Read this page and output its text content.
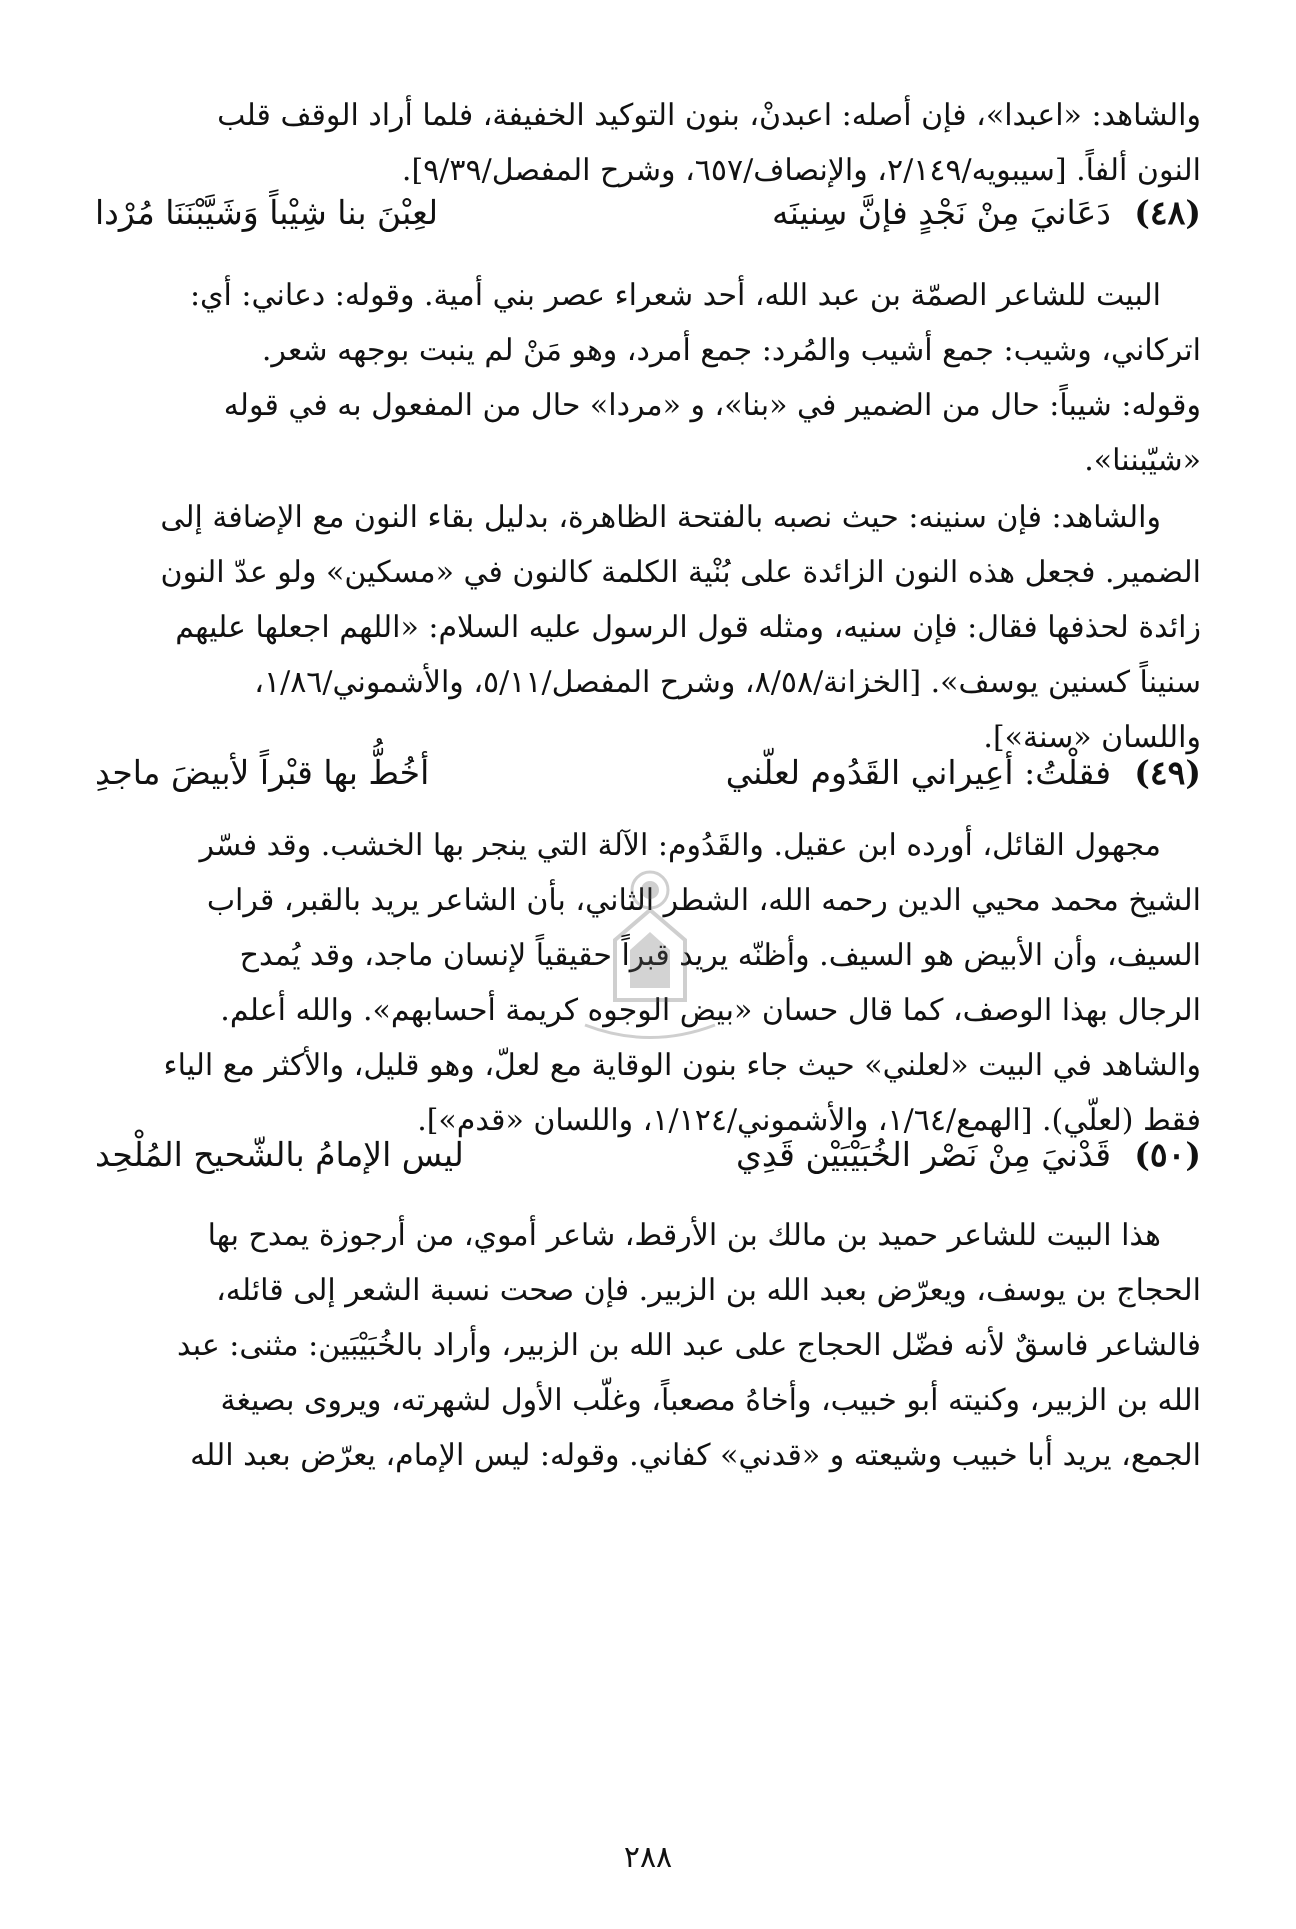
والشاهد: «اعبدا»، فإن أصله: اعبدنْ، بنون التوكيد الخفيفة، فلما أراد الوقف قلب

النون ألفاً. [سيبويه/٢/١٤٩، والإنصاف/٦٥٧، وشرح المفصل/٩/٣٩].

(٤٨)
دَعَانيَ مِنْ نَجْدٍ فإنَّ سِنينَه
لعِبْنَ بنا شِيْباً وَشَيَّبْنَنَا مُرْدا

البيت للشاعر الصمّة بن عبد الله، أحد شعراء عصر بني أمية. وقوله: دعاني: أي:

اتركاني، وشيب: جمع أشيب والمُرد: جمع أمرد، وهو مَنْ لم ينبت بوجهه شعر.

وقوله: شيباً: حال من الضمير في «بنا»، و «مردا» حال من المفعول به في قوله

«شيّبننا».

والشاهد: فإن سنينه: حيث نصبه بالفتحة الظاهرة، بدليل بقاء النون مع الإضافة إلى

الضمير. فجعل هذه النون الزائدة على بُنْية الكلمة كالنون في «مسكين» ولو عدّ النون

زائدة لحذفها فقال: فإن سنيه، ومثله قول الرسول عليه السلام: «اللهم اجعلها عليهم

سنيناً كسنين يوسف». [الخزانة/٨/٥٨، وشرح المفصل/٥/١١، والأشموني/١/٨٦،

واللسان «سنة»].

(٤٩)
فقلْتُ: أعِيراني القَدُوم لعلّني
أخُطُّ بها قبْراً لأبيضَ ماجدِ

مجهول القائل، أورده ابن عقيل. والقَدُوم: الآلة التي ينجر بها الخشب. وقد فسّر

الشيخ محمد محيي الدين رحمه الله، الشطر الثاني، بأن الشاعر يريد بالقبر، قراب

السيف، وأن الأبيض هو السيف. وأظنّه يريد قبراً حقيقياً لإنسان ماجد، وقد يُمدح

الرجال بهذا الوصف، كما قال حسان «بيض الوجوه كريمة أحسابهم». والله أعلم.

والشاهد في البيت «لعلني» حيث جاء بنون الوقاية مع لعلّ، وهو قليل، والأكثر مع الياء

فقط (لعلّي). [الهمع/١/٦٤، والأشموني/١/١٢٤، واللسان «قدم»].

(٥٠)
قَدْنيَ مِنْ نَصْر الخُبَيْبَيْن قَدِي
ليس الإمامُ بالشّحيح المُلْحِد

هذا البيت للشاعر حميد بن مالك بن الأرقط، شاعر أموي، من أرجوزة يمدح بها

الحجاج بن يوسف، ويعرّض بعبد الله بن الزبير. فإن صحت نسبة الشعر إلى قائله،

فالشاعر فاسقٌ لأنه فضّل الحجاج على عبد الله بن الزبير، وأراد بالخُبَيْبَين: مثنى: عبد

الله بن الزبير، وكنيته أبو خبيب، وأخاهُ مصعباً، وغلّب الأول لشهرته، ويروى بصيغة

الجمع، يريد أبا خبيب وشيعته و «قدني» كفاني. وقوله: ليس الإمام، يعرّض بعبد الله

٢٨٨
